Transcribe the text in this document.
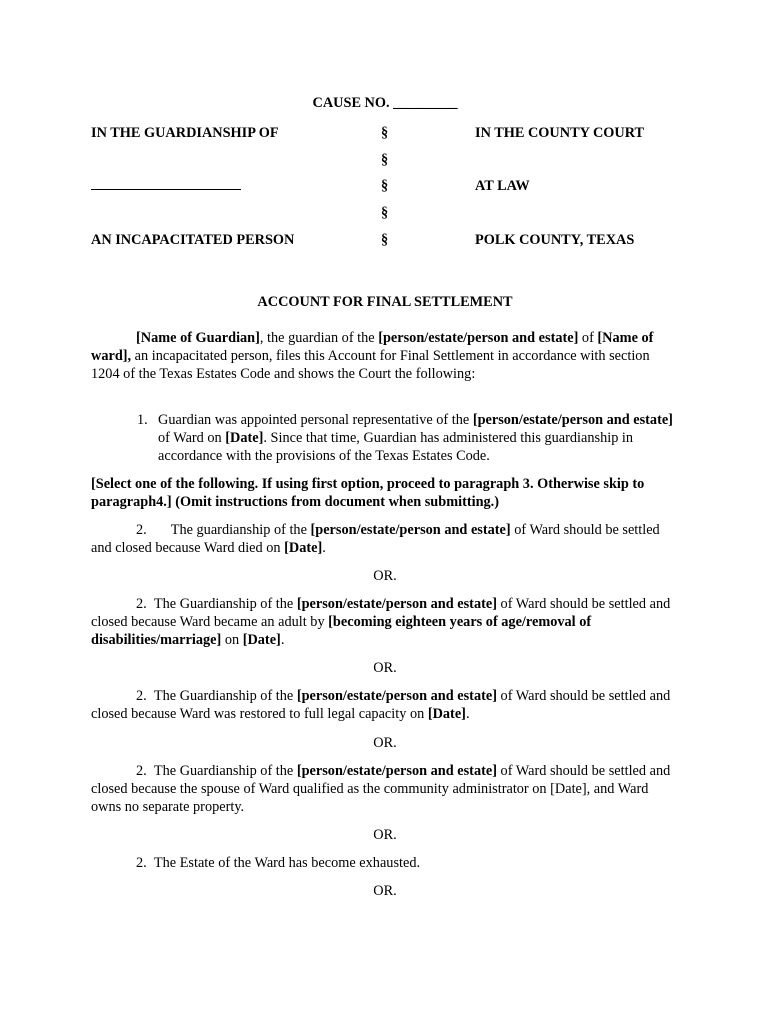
CAUSE NO. _________
IN THE GUARDIANSHIP OF
AN INCAPACITATED PERSON
§
§
§
§
§
IN THE COUNTY COURT
AT LAW
POLK COUNTY, TEXAS
ACCOUNT FOR FINAL SETTLEMENT
[Name of Guardian], the guardian of the [person/estate/person and estate] of [Name of ward], an incapacitated person, files this Account for Final Settlement in accordance with section 1204 of the Texas Estates Code and shows the Court the following:
1. Guardian was appointed personal representative of the [person/estate/person and estate] of Ward on [Date]. Since that time, Guardian has administered this guardianship in accordance with the provisions of the Texas Estates Code.
[Select one of the following. If using first option, proceed to paragraph 3. Otherwise skip to paragraph4.] (Omit instructions from document when submitting.)
2. The guardianship of the [person/estate/person and estate] of Ward should be settled and closed because Ward died on [Date].
OR.
2. The Guardianship of the [person/estate/person and estate] of Ward should be settled and closed because Ward became an adult by [becoming eighteen years of age/removal of disabilities/marriage] on [Date].
OR.
2. The Guardianship of the [person/estate/person and estate] of Ward should be settled and closed because Ward was restored to full legal capacity on [Date].
OR.
2. The Guardianship of the [person/estate/person and estate] of Ward should be settled and closed because the spouse of Ward qualified as the community administrator on [Date], and Ward owns no separate property.
OR.
2. The Estate of the Ward has become exhausted.
OR.
